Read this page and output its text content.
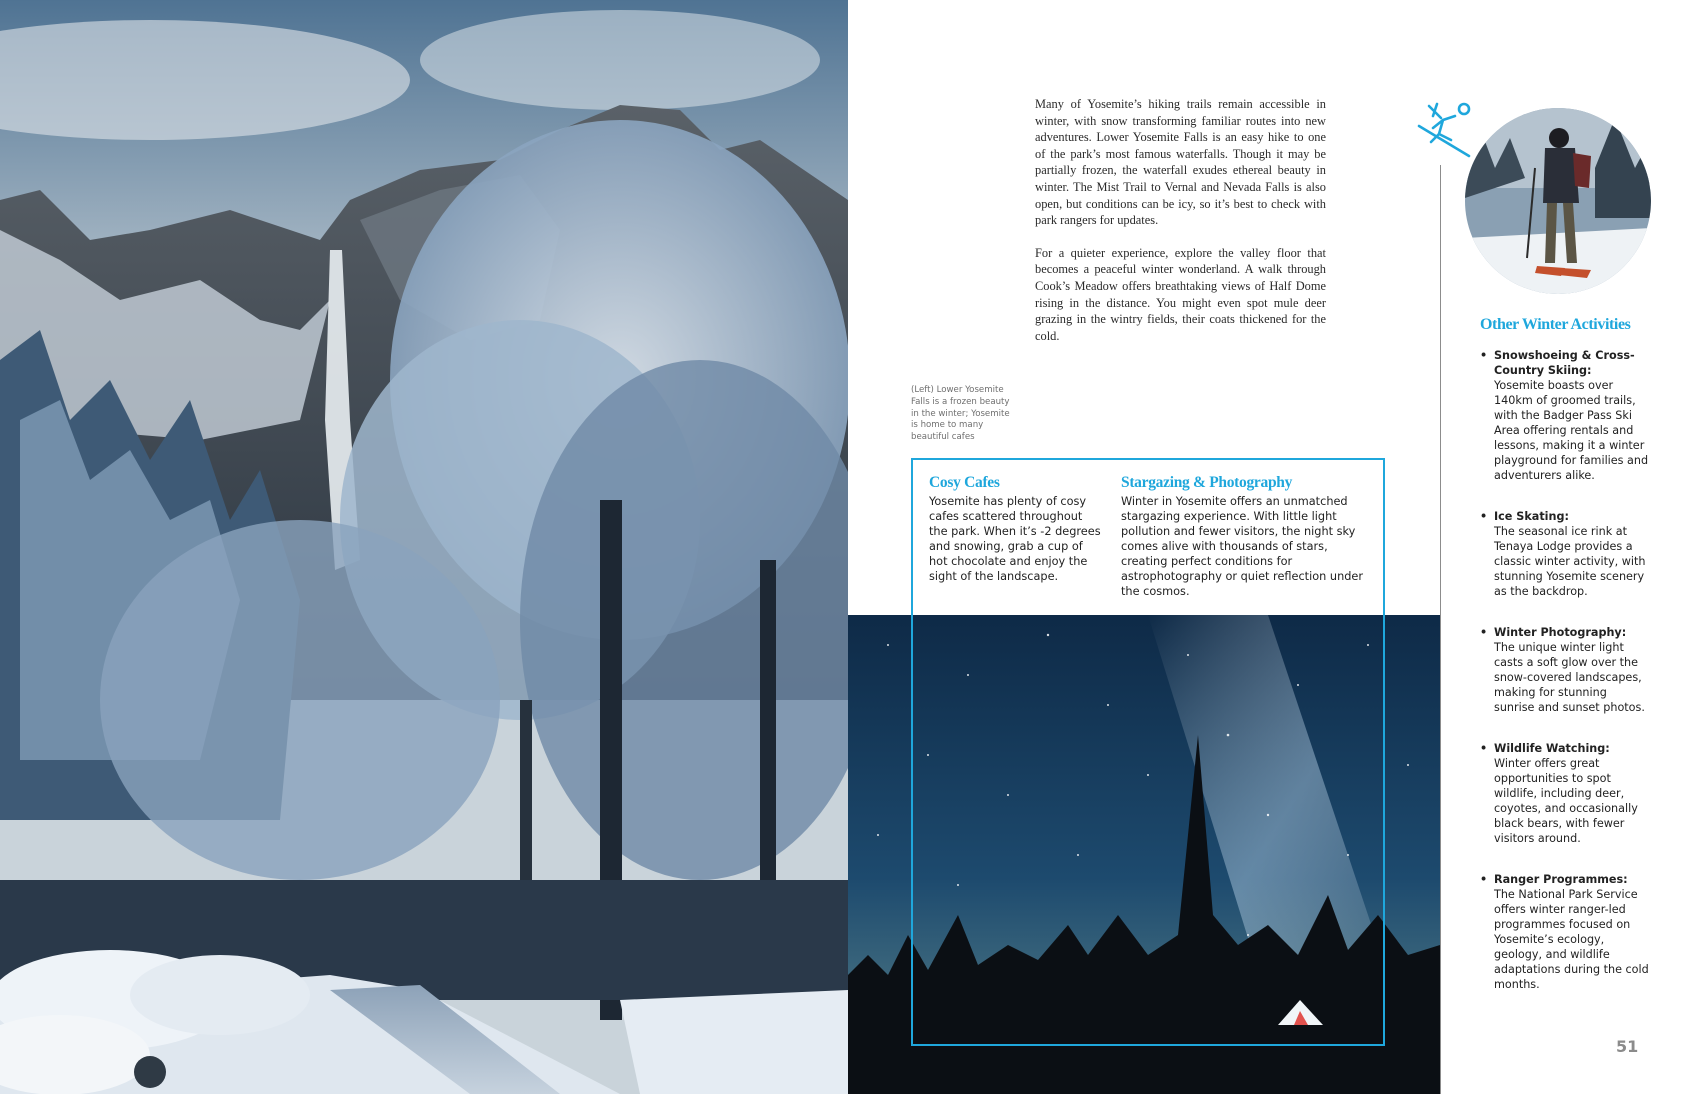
Many of Yosemite’s hiking trails remain accessible in winter, with snow transforming familiar routes into new adventures. Lower Yosemite Falls is an easy hike to one of the park’s most famous waterfalls. Though it may be partially frozen, the waterfall exudes ethereal beauty in winter. The Mist Trail to Vernal and Nevada Falls is also open, but conditions can be icy, so it’s best to check with park rangers for updates.

For a quieter experience, explore the valley floor that becomes a peaceful winter wonderland. A walk through Cook’s Meadow offers breathtaking views of Half Dome rising in the distance. You might even spot mule deer grazing in the wintry fields, their coats thickened for the cold.

(Left) Lower Yosemite Falls is a frozen beauty in the winter; Yosemite is home to many beautiful cafes
Cosy Cafes
Yosemite has plenty of cosy cafes scattered throughout the park. When it’s -2 degrees and snowing, grab a cup of hot chocolate and enjoy the sight of the landscape.
Stargazing & Photography
Winter in Yosemite offers an unmatched stargazing experience. With little light pollution and fewer visitors, the night sky comes alive with thousands of stars, creating perfect conditions for astrophotography or quiet reflection under the cosmos.
Other Winter Activities
• Snowshoeing & Cross-Country Skiing:
Yosemite boasts over 140km of groomed trails, with the Badger Pass Ski Area offering rentals and lessons, making it a winter playground for families and adventurers alike.
• Ice Skating:
The seasonal ice rink at Tenaya Lodge provides a classic winter activity, with stunning Yosemite scenery as the backdrop.
• Winter Photography:
The unique winter light casts a soft glow over the snow-covered landscapes, making for stunning sunrise and sunset photos.
• Wildlife Watching:
Winter offers great opportunities to spot wildlife, including deer, coyotes, and occasionally black bears, with fewer visitors around.
• Ranger Programmes:
The National Park Service offers winter ranger-led programmes focused on Yosemite’s ecology, geology, and wildlife adaptations during the cold months.
51
